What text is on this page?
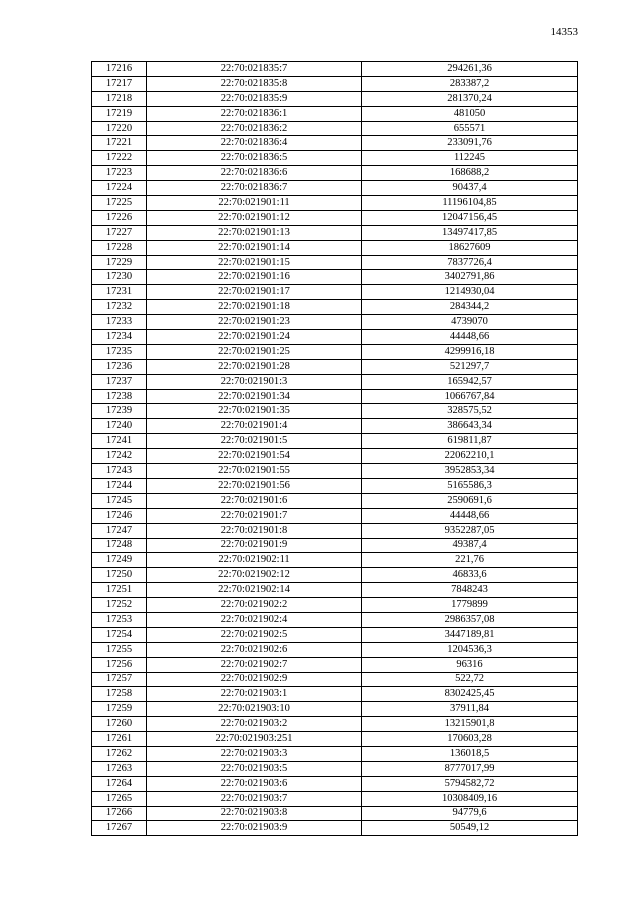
14353
17216	22:70:021835:7	294261,36
17217	22:70:021835:8	283387,2
17218	22:70:021835:9	281370,24
17219	22:70:021836:1	481050
17220	22:70:021836:2	655571
17221	22:70:021836:4	233091,76
17222	22:70:021836:5	112245
17223	22:70:021836:6	168688,2
17224	22:70:021836:7	90437,4
17225	22:70:021901:11	11196104,85
17226	22:70:021901:12	12047156,45
17227	22:70:021901:13	13497417,85
17228	22:70:021901:14	18627609
17229	22:70:021901:15	7837726,4
17230	22:70:021901:16	3402791,86
17231	22:70:021901:17	1214930,04
17232	22:70:021901:18	284344,2
17233	22:70:021901:23	4739070
17234	22:70:021901:24	44448,66
17235	22:70:021901:25	4299916,18
17236	22:70:021901:28	521297,7
17237	22:70:021901:3	165942,57
17238	22:70:021901:34	1066767,84
17239	22:70:021901:35	328575,52
17240	22:70:021901:4	386643,34
17241	22:70:021901:5	619811,87
17242	22:70:021901:54	22062210,1
17243	22:70:021901:55	3952853,34
17244	22:70:021901:56	5165586,3
17245	22:70:021901:6	2590691,6
17246	22:70:021901:7	44448,66
17247	22:70:021901:8	9352287,05
17248	22:70:021901:9	49387,4
17249	22:70:021902:11	221,76
17250	22:70:021902:12	46833,6
17251	22:70:021902:14	7848243
17252	22:70:021902:2	1779899
17253	22:70:021902:4	2986357,08
17254	22:70:021902:5	3447189,81
17255	22:70:021902:6	1204536,3
17256	22:70:021902:7	96316
17257	22:70:021902:9	522,72
17258	22:70:021903:1	8302425,45
17259	22:70:021903:10	37911,84
17260	22:70:021903:2	13215901,8
17261	22:70:021903:251	170603,28
17262	22:70:021903:3	136018,5
17263	22:70:021903:5	8777017,99
17264	22:70:021903:6	5794582,72
17265	22:70:021903:7	10308409,16
17266	22:70:021903:8	94779,6
17267	22:70:021903:9	50549,12
